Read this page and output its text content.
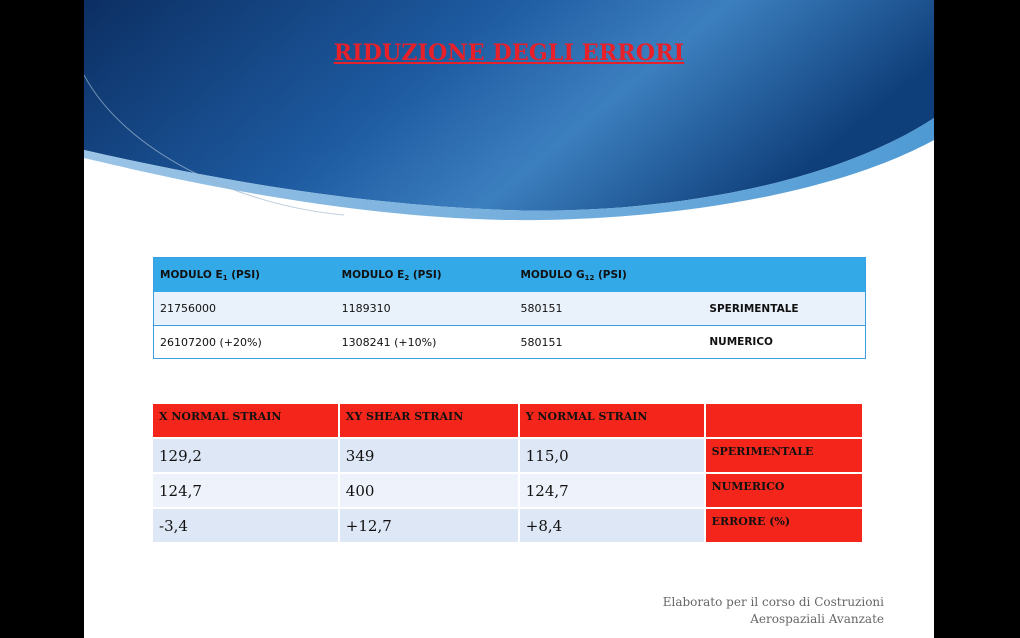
RIDUZIONE DEGLI ERRORI
MODULO $E_1$ (PSI)	MODULO $E_2$ (PSI)	MODULO $G_{12}$ (PSI)	
21756000	1189310	580151	SPERIMENTALE
26107200 (+20%)	1308241 (+10%)	580151	NUMERICO
X NORMAL STRAIN	XY SHEAR STRAIN	Y NORMAL STRAIN	
129,2	349	115,0	SPERIMENTALE
124,7	400	124,7	NUMERICO
-3,4	+12,7	+8,4	ERRORE (%)
Elaborato per il corso di Costruzioni
Aerospaziali Avanzate
